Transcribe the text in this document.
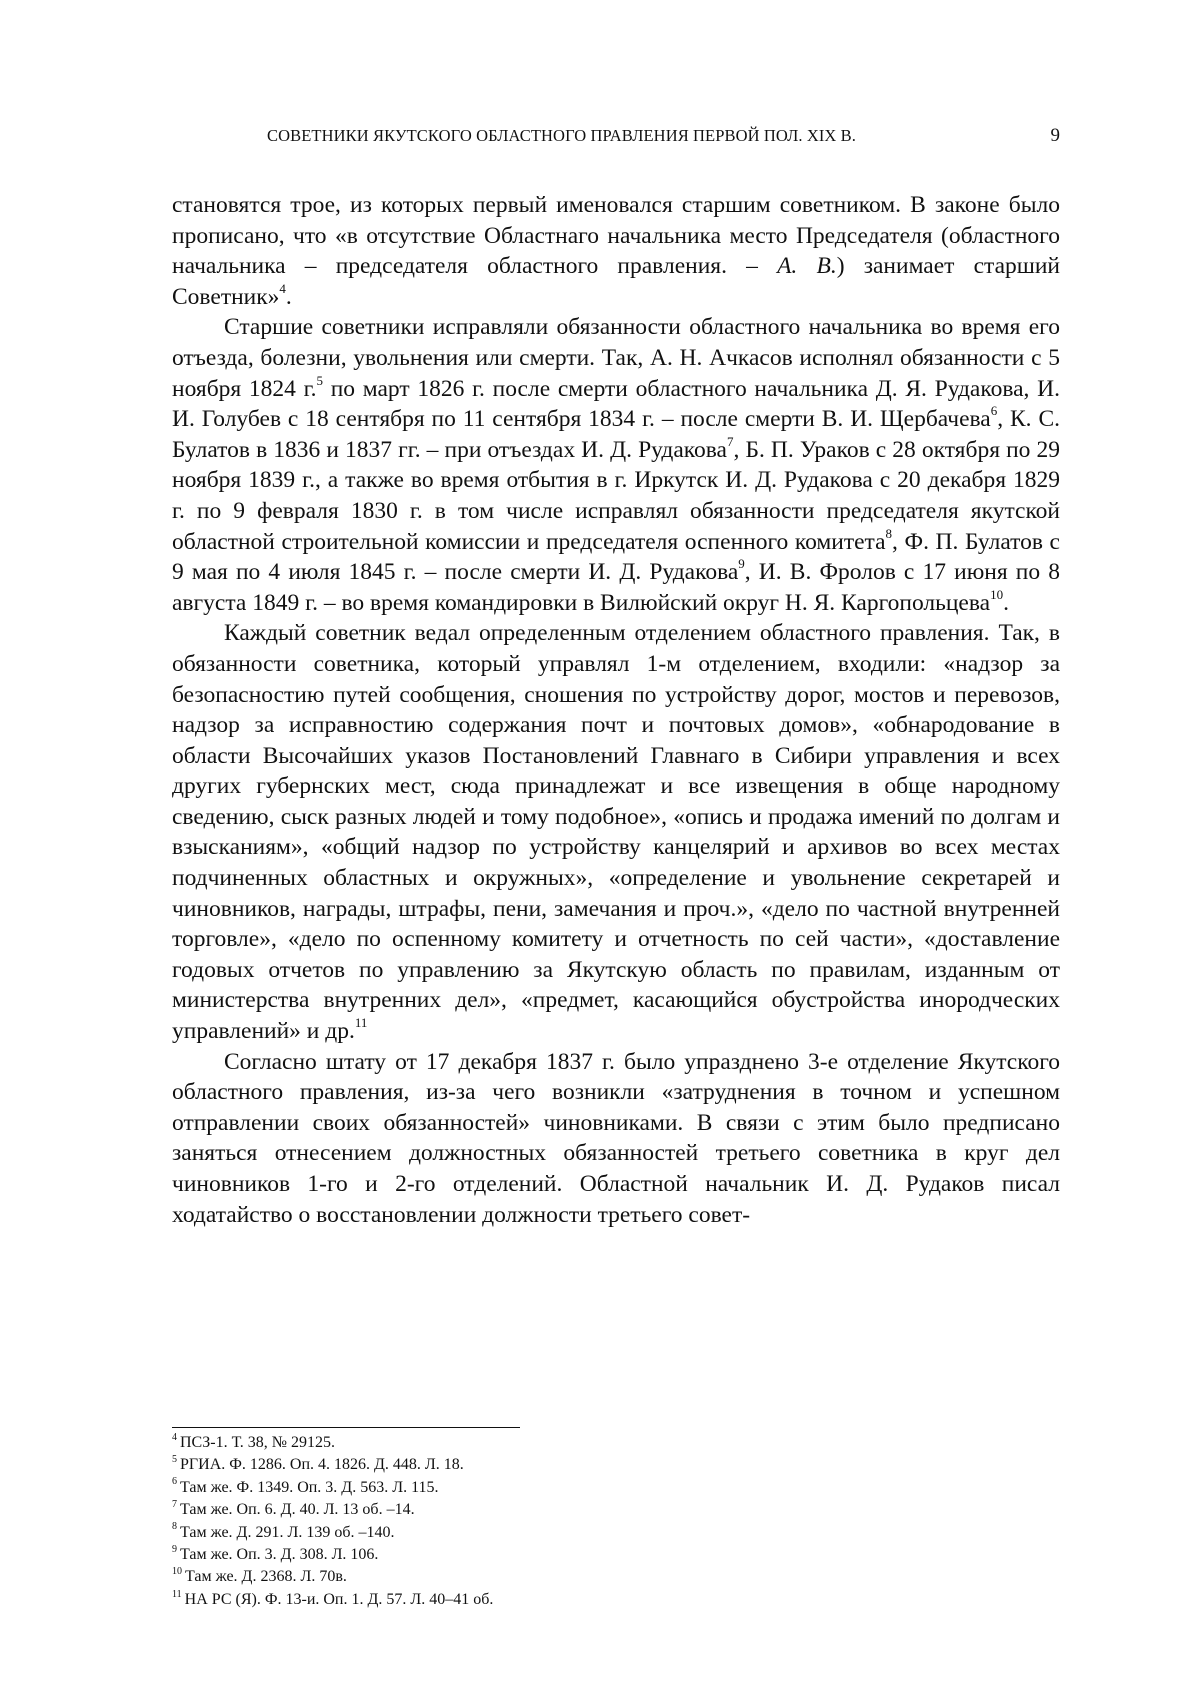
СОВЕТНИКИ ЯКУТСКОГО ОБЛАСТНОГО ПРАВЛЕНИЯ ПЕРВОЙ ПОЛ. XIX В.	9

становятся трое, из которых первый именовался старшим советником. В законе было прописано, что «в отсутствие Областнаго начальника место Председателя (областного начальника – председателя областного правления. – А. В.) занимает старший Советник»4.

Старшие советники исправляли обязанности областного начальника во время его отъезда, болезни, увольнения или смерти. Так, А. Н. Ачкасов исполнял обязанности с 5 ноября 1824 г.5 по март 1826 г. после смерти областного начальника Д. Я. Рудакова, И. И. Голубев с 18 сентября по 11 сентября 1834 г. – после смерти В. И. Щербачева6, К. С. Булатов в 1836 и 1837 гг. – при отъездах И. Д. Рудакова7, Б. П. Ураков с 28 октября по 29 ноября 1839 г., а также во время отбытия в г. Иркутск И. Д. Рудакова с 20 декабря 1829 г. по 9 февраля 1830 г. в том числе исправлял обязанности председателя якутской областной строительной комиссии и председателя оспенного комитета8, Ф. П. Булатов с 9 мая по 4 июля 1845 г. – после смерти И. Д. Рудакова9, И. В. Фролов с 17 июня по 8 августа 1849 г. – во время командировки в Вилюйский округ Н. Я. Каргопольцева10.

Каждый советник ведал определенным отделением областного правления. Так, в обязанности советника, который управлял 1-м отделением, входили: «надзор за безопасностию путей сообщения, сношения по устройству дорог, мостов и перевозов, надзор за исправностию содержания почт и почтовых домов», «обнародование в области Высочайших указов Постановлений Главнаго в Сибири управления и всех других губернских мест, сюда принадлежат и все извещения в обще народному сведению, сыск разных людей и тому подобное», «опись и продажа имений по долгам и взысканиям», «общий надзор по устройству канцелярий и архивов во всех местах подчиненных областных и окружных», «определение и увольнение секретарей и чиновников, награды, штрафы, пени, замечания и проч.», «дело по частной внутренней торговле», «дело по оспенному комитету и отчетность по сей части», «доставление годовых отчетов по управлению за Якутскую область по правилам, изданным от министерства внутренних дел», «предмет, касающийся обустройства инородческих управлений» и др.11

Согласно штату от 17 декабря 1837 г. было упразднено 3-е отделение Якутского областного правления, из-за чего возникли «затруднения в точном и успешном отправлении своих обязанностей» чиновниками. В связи с этим было предписано заняться отнесением должностных обязанностей третьего советника в круг дел чиновников 1-го и 2-го отделений. Областной начальник И. Д. Рудаков писал ходатайство о восстановлении должности третьего совет-

4 ПСЗ-1. Т. 38, № 29125.

5 РГИА. Ф. 1286. Оп. 4. 1826. Д. 448. Л. 18.

6 Там же. Ф. 1349. Оп. 3. Д. 563. Л. 115.

7 Там же. Оп. 6. Д. 40. Л. 13 об. –14.

8 Там же. Д. 291. Л. 139 об. –140.

9 Там же. Оп. 3. Д. 308. Л. 106.

10 Там же. Д. 2368. Л. 70в.

11 НА РС (Я). Ф. 13-и. Оп. 1. Д. 57. Л. 40–41 об.
